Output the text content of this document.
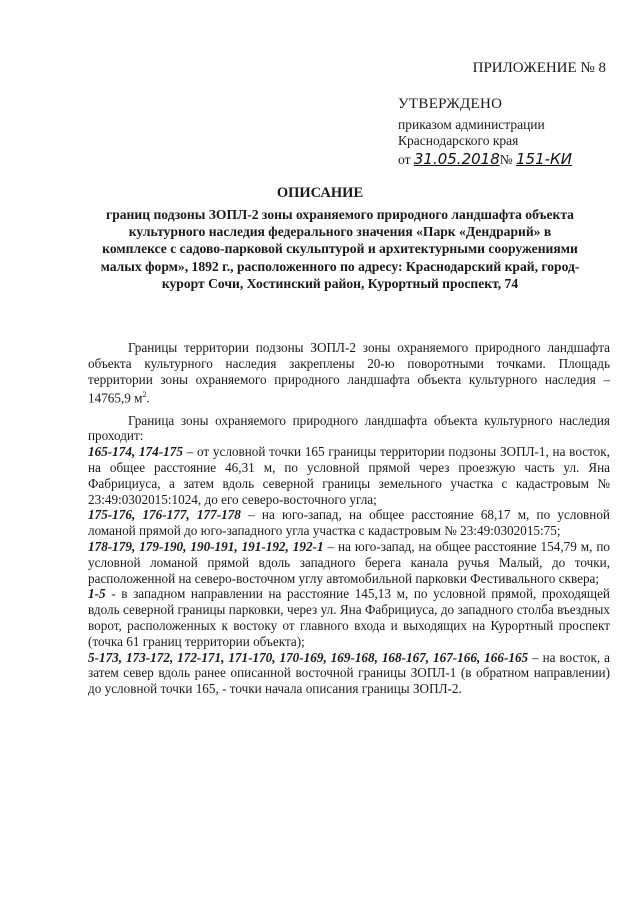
ПРИЛОЖЕНИЕ № 8
УТВЕРЖДЕНО
приказом администрации
Краснодарского края
от 31.05.2018№ 151-КИ
ОПИСАНИЕ
границ подзоны ЗОПЛ-2 зоны охраняемого природного ландшафта объекта культурного наследия федерального значения «Парк «Дендрарий» в комплексе с садово-парковой скульптурой и архитектурными сооружениями малых форм», 1892 г., расположенного по адресу: Краснодарский край, город-курорт Сочи, Хостинский район, Курортный проспект, 74

Границы территории подзоны ЗОПЛ-2 зоны охраняемого природного ландшафта объекта культурного наследия закреплены 20-ю поворотными точками. Площадь территории зоны охраняемого природного ландшафта объекта культурного наследия – 14765,9 $м^2$.

Граница зоны охраняемого природного ландшафта объекта культурного наследия проходит:

165-174, 174-175 – от условной точки 165 границы территории подзоны ЗОПЛ-1, на восток, на общее расстояние 46,31 м, по условной прямой через проезжую часть ул. Яна Фабрициуса, а затем вдоль северной границы земельного участка с кадастровым № 23:49:0302015:1024, до его северо-восточного угла;

175-176, 176-177, 177-178 – на юго-запад, на общее расстояние 68,17 м, по условной ломаной прямой до юго-западного угла участка с кадастровым № 23:49:0302015:75;

178-179, 179-190, 190-191, 191-192, 192-1 – на юго-запад, на общее расстояние 154,79 м, по условной ломаной прямой вдоль западного берега канала ручья Малый, до точки, расположенной на северо-восточном углу автомобильной парковки Фестивального сквера;

1-5 - в западном направлении на расстояние 145,13 м, по условной прямой, проходящей вдоль северной границы парковки, через ул. Яна Фабрициуса, до западного столба въездных ворот, расположенных к востоку от главного входа и выходящих на Курортный проспект (точка 61 границ территории объекта);

5-173, 173-172, 172-171, 171-170, 170-169, 169-168, 168-167, 167-166, 166-165 – на восток, а затем север вдоль ранее описанной восточной границы ЗОПЛ-1 (в обратном направлении) до условной точки 165, - точки начала описания границы ЗОПЛ-2.
